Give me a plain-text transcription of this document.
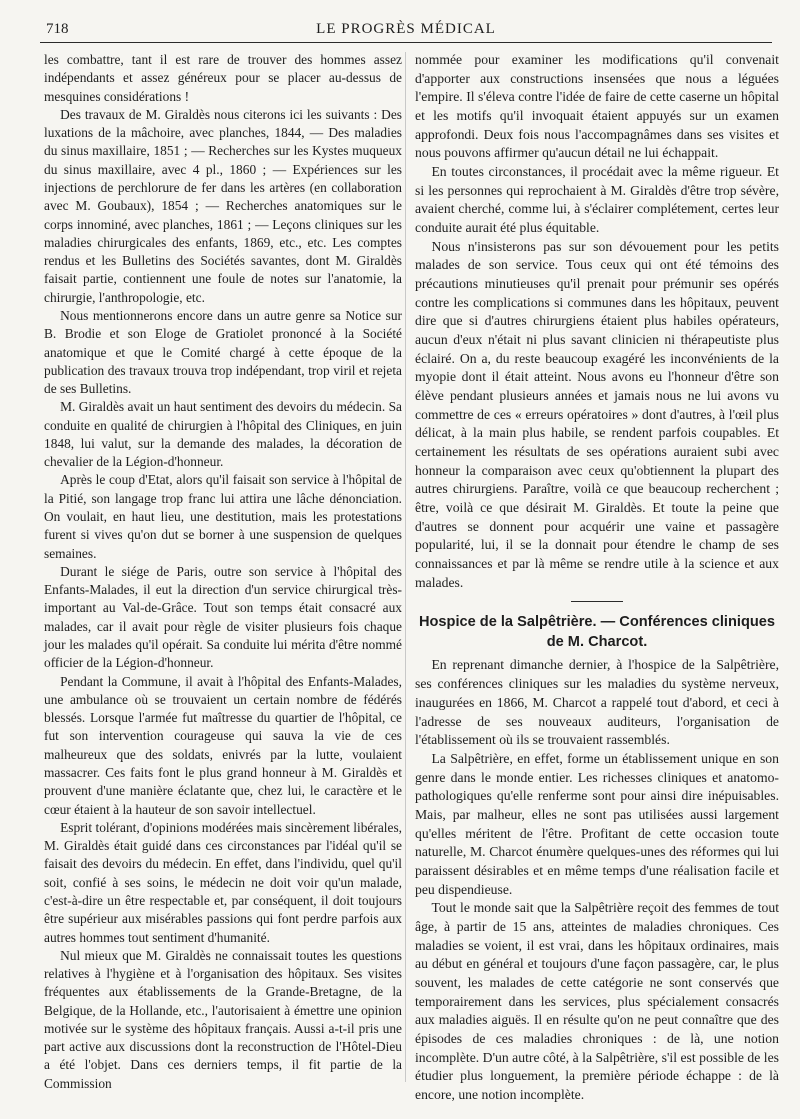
718	LE PROGRÈS MÉDICAL

les combattre, tant il est rare de trouver des hommes assez indépendants et assez généreux pour se placer au-dessus de mesquines considérations !

Des travaux de M. Giraldès nous citerons ici les suivants : Des luxations de la mâchoire, avec planches, 1844, — Des maladies du sinus maxillaire, 1851 ; — Recherches sur les Kystes muqueux du sinus maxillaire, avec 4 pl., 1860 ; — Expériences sur les injections de perchlorure de fer dans les artères (en collaboration avec M. Goubaux), 1854 ; — Recherches anatomiques sur le corps innominé, avec planches, 1861 ; — Leçons cliniques sur les maladies chirurgicales des enfants, 1869, etc., etc. Les comptes rendus et les Bulletins des Sociétés savantes, dont M. Giraldès faisait partie, contiennent une foule de notes sur l'anatomie, la chirurgie, l'anthropologie, etc.

Nous mentionnerons encore dans un autre genre sa Notice sur B. Brodie et son Eloge de Gratiolet prononcé à la Société anatomique et que le Comité chargé à cette époque de la publication des travaux trouva trop indépendant, trop viril et rejeta de ses Bulletins.

M. Giraldès avait un haut sentiment des devoirs du médecin. Sa conduite en qualité de chirurgien à l'hôpital des Cliniques, en juin 1848, lui valut, sur la demande des malades, la décoration de chevalier de la Légion-d'honneur.

Après le coup d'Etat, alors qu'il faisait son service à l'hôpital de la Pitié, son langage trop franc lui attira une lâche dénonciation. On voulait, en haut lieu, une destitution, mais les protestations furent si vives qu'on dut se borner à une suspension de quelques semaines.

Durant le siége de Paris, outre son service à l'hôpital des Enfants-Malades, il eut la direction d'un service chirurgical très-important au Val-de-Grâce. Tout son temps était consacré aux malades, car il avait pour règle de visiter plusieurs fois chaque jour les malades qu'il opérait. Sa conduite lui mérita d'être nommé officier de la Légion-d'honneur.

Pendant la Commune, il avait à l'hôpital des Enfants-Malades, une ambulance où se trouvaient un certain nombre de fédérés blessés. Lorsque l'armée fut maîtresse du quartier de l'hôpital, ce fut son intervention courageuse qui sauva la vie de ces malheureux que des soldats, enivrés par la lutte, voulaient massacrer. Ces faits font le plus grand honneur à M. Giraldès et prouvent d'une manière éclatante que, chez lui, le caractère et le cœur étaient à la hauteur de son savoir intellectuel.

Esprit tolérant, d'opinions modérées mais sincèrement libérales, M. Giraldès était guidé dans ces circonstances par l'idéal qu'il se faisait des devoirs du médecin. En effet, dans l'individu, quel qu'il soit, confié à ses soins, le médecin ne doit voir qu'un malade, c'est-à-dire un être respectable et, par conséquent, il doit toujours être supérieur aux misérables passions qui font perdre parfois aux autres hommes tout sentiment d'humanité.

Nul mieux que M. Giraldès ne connaissait toutes les questions relatives à l'hygiène et à l'organisation des hôpitaux. Ses visites fréquentes aux établissements de la Grande-Bretagne, de la Belgique, de la Hollande, etc., l'autorisaient à émettre une opinion motivée sur le système des hôpitaux français. Aussi a-t-il pris une part active aux discussions dont la reconstruction de l'Hôtel-Dieu a été l'objet. Dans ces derniers temps, il fit partie de la Commission

nommée pour examiner les modifications qu'il convenait d'apporter aux constructions insensées que nous a léguées l'empire. Il s'éleva contre l'idée de faire de cette caserne un hôpital et les motifs qu'il invoquait étaient appuyés sur un examen approfondi. Deux fois nous l'accompagnâmes dans ses visites et nous pouvons affirmer qu'aucun détail ne lui échappait.

En toutes circonstances, il procédait avec la même rigueur. Et si les personnes qui reprochaient à M. Giraldès d'être trop sévère, avaient cherché, comme lui, à s'éclairer complétement, certes leur conduite aurait été plus équitable.

Nous n'insisterons pas sur son dévouement pour les petits malades de son service. Tous ceux qui ont été témoins des précautions minutieuses qu'il prenait pour prémunir ses opérés contre les complications si communes dans les hôpitaux, peuvent dire que si d'autres chirurgiens étaient plus habiles opérateurs, aucun d'eux n'était ni plus savant clinicien ni thérapeutiste plus éclairé. On a, du reste beaucoup exagéré les inconvénients de la myopie dont il était atteint. Nous avons eu l'honneur d'être son élève pendant plusieurs années et jamais nous ne lui avons vu commettre de ces « erreurs opératoires » dont d'autres, à l'œil plus délicat, à la main plus habile, se rendent parfois coupables. Et certainement les résultats de ses opérations auraient subi avec honneur la comparaison avec ceux qu'obtiennent la plupart des autres chirurgiens. Paraître, voilà ce que beaucoup recherchent ; être, voilà ce que désirait M. Giraldès. Et toute la peine que d'autres se donnent pour acquérir une vaine et passagère popularité, lui, il se la donnait pour étendre le champ de ses connaissances et par là même se rendre utile à la science et aux malades.

Hospice de la Salpêtrière. — Conférences cliniques
de M. Charcot.

En reprenant dimanche dernier, à l'hospice de la Salpêtrière, ses conférences cliniques sur les maladies du système nerveux, inaugurées en 1866, M. Charcot a rappelé tout d'abord, et ceci à l'adresse de ses nouveaux auditeurs, l'organisation de l'établissement où ils se trouvaient rassemblés.

La Salpêtrière, en effet, forme un établissement unique en son genre dans le monde entier. Les richesses cliniques et anatomo-pathologiques qu'elle renferme sont pour ainsi dire inépuisables. Mais, par malheur, elles ne sont pas utilisées aussi largement qu'elles méritent de l'être. Profitant de cette occasion toute naturelle, M. Charcot énumère quelques-unes des réformes qui lui paraissent désirables et en même temps d'une réalisation facile et peu dispendieuse.

Tout le monde sait que la Salpêtrière reçoit des femmes de tout âge, à partir de 15 ans, atteintes de maladies chroniques. Ces maladies se voient, il est vrai, dans les hôpitaux ordinaires, mais au début en général et toujours d'une façon passagère, car, le plus souvent, les malades de cette catégorie ne sont conservés que temporairement dans les services, plus spécialement consacrés aux maladies aiguës. Il en résulte qu'on ne peut connaître que des épisodes de ces maladies chroniques : de là, une notion incomplète. D'un autre côté, à la Salpêtrière, s'il est possible de les étudier plus longuement, la première période échappe : de là encore, une notion incomplète.
